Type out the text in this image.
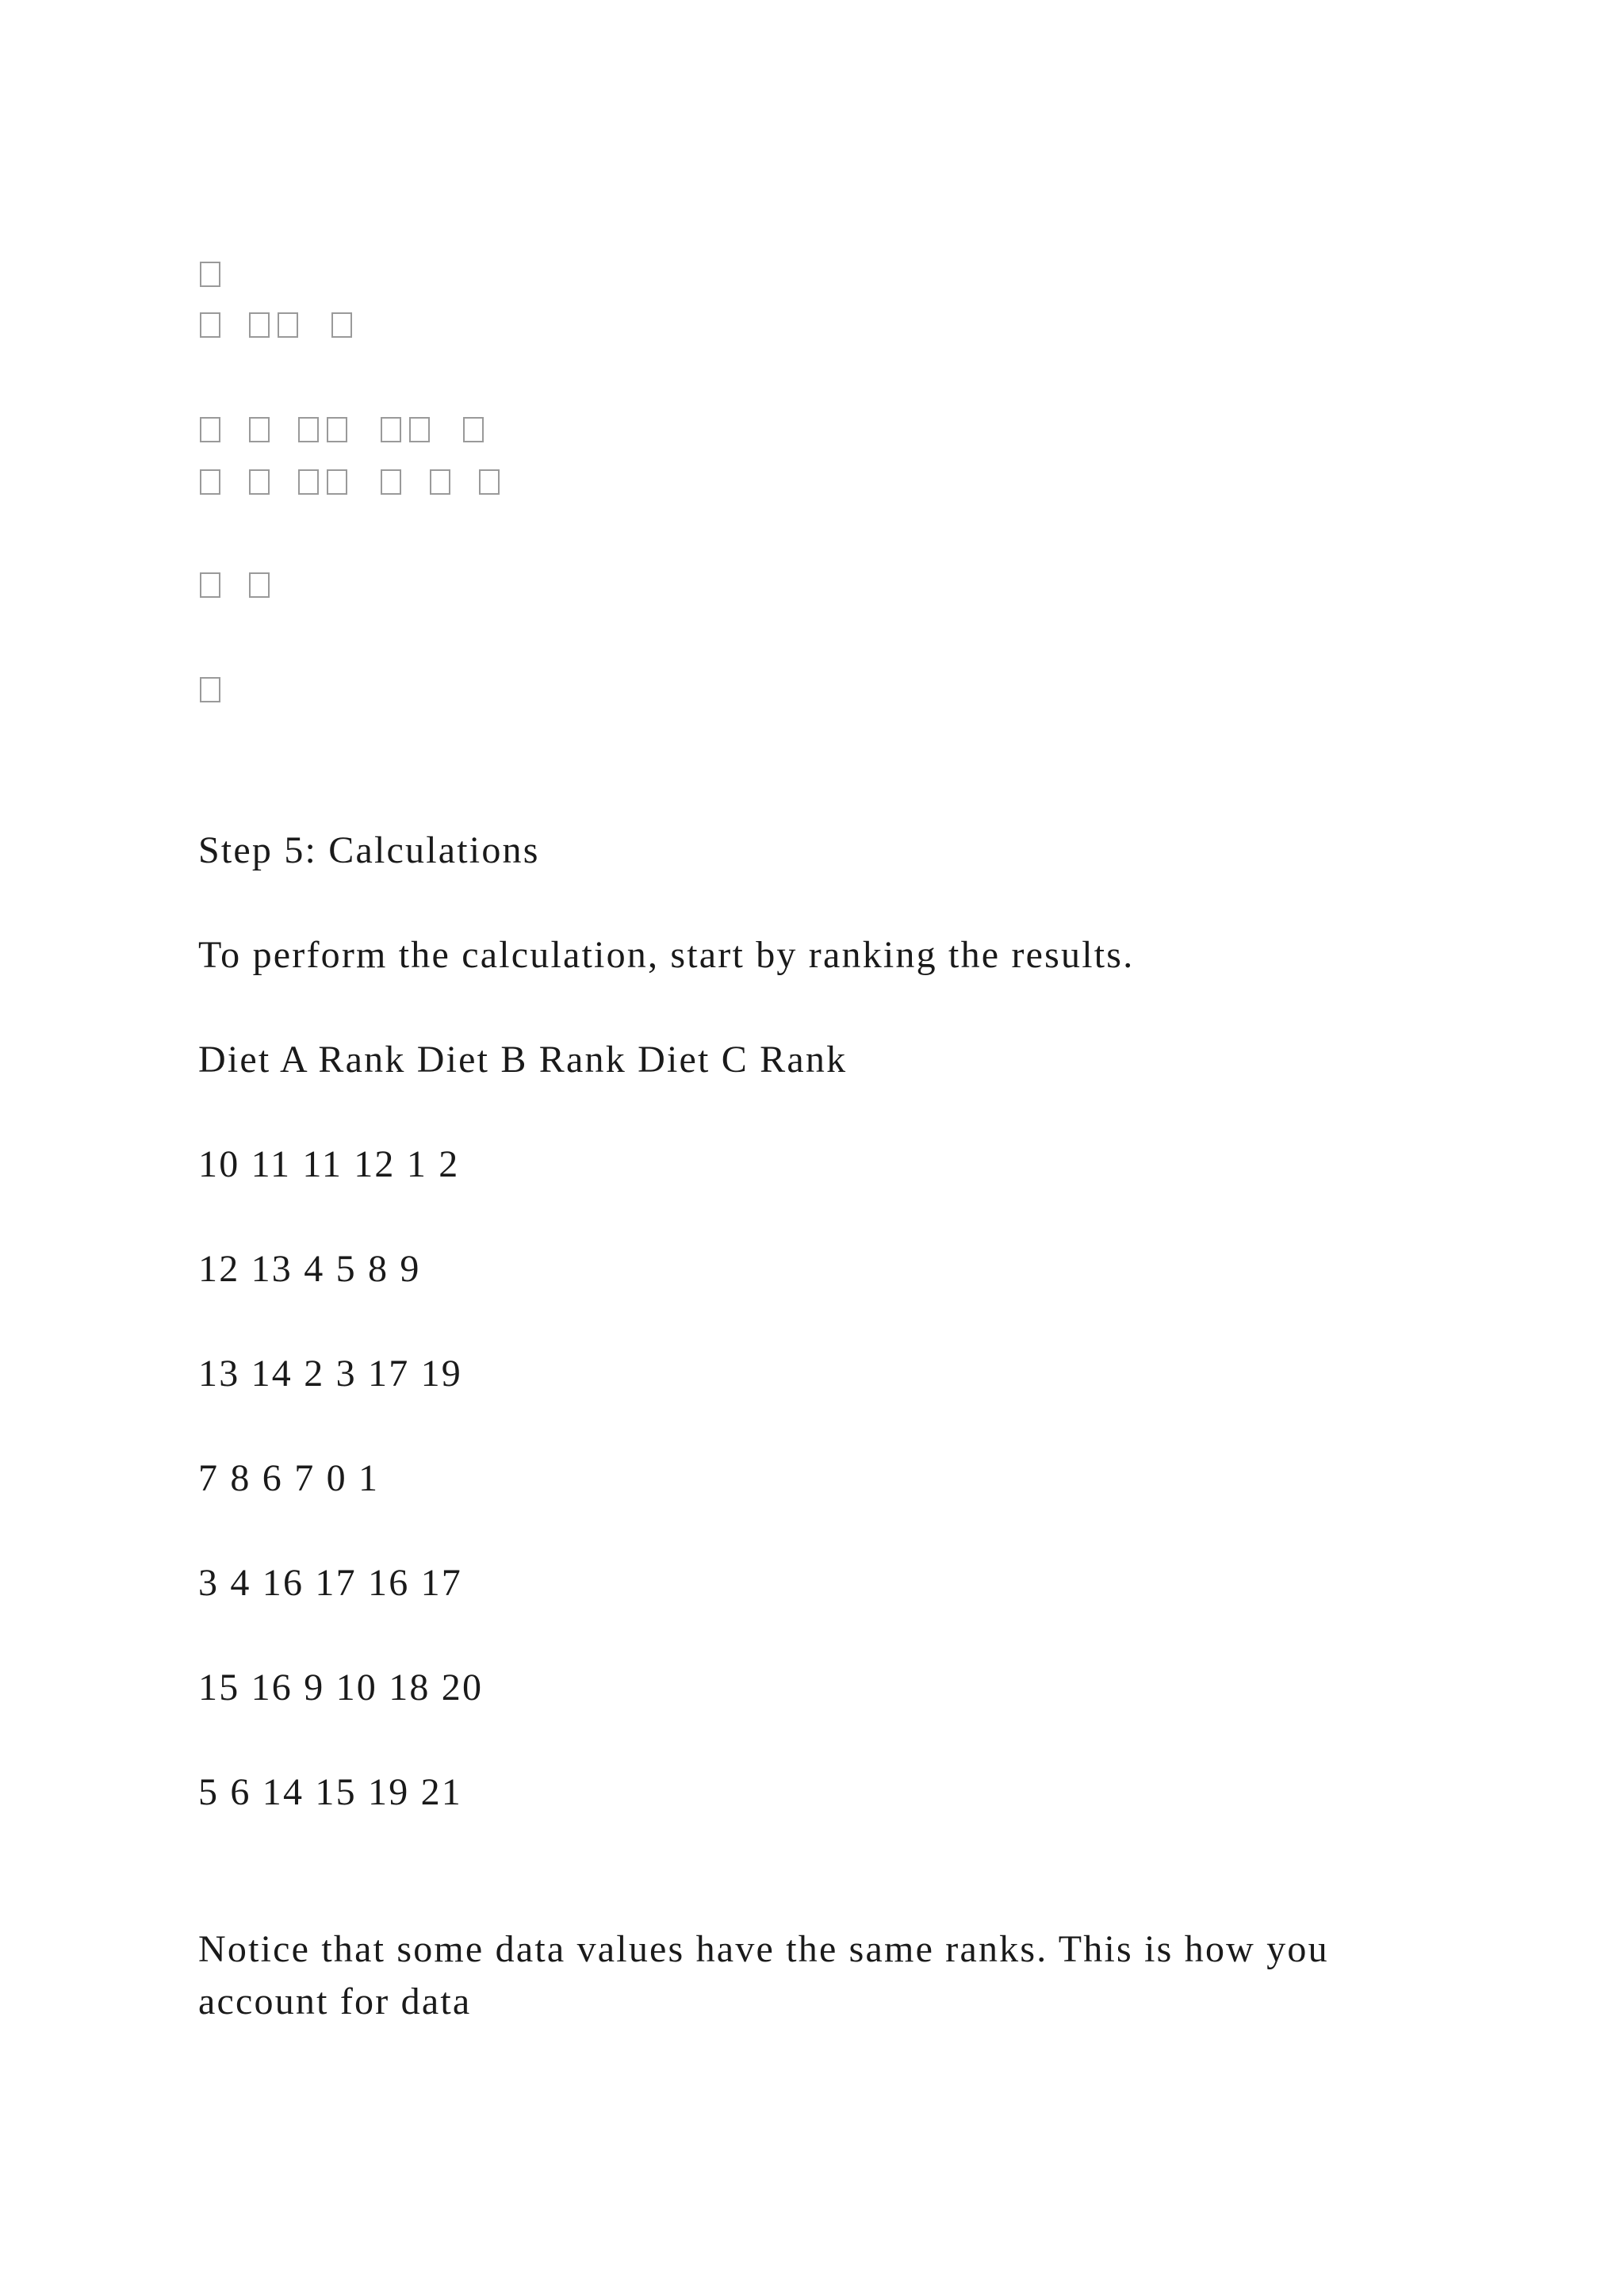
Step 5: Calculations
To perform the calculation, start by ranking the results.
Diet A Rank Diet B Rank Diet C Rank
10 11 11 12 1 2
12 13 4 5 8 9
13 14 2 3 17 19
7 8 6 7 0 1
3 4 16 17 16 17
15 16 9 10 18 20
5 6 14 15 19 21
Notice that some data values have the same ranks. This is how you account for data
